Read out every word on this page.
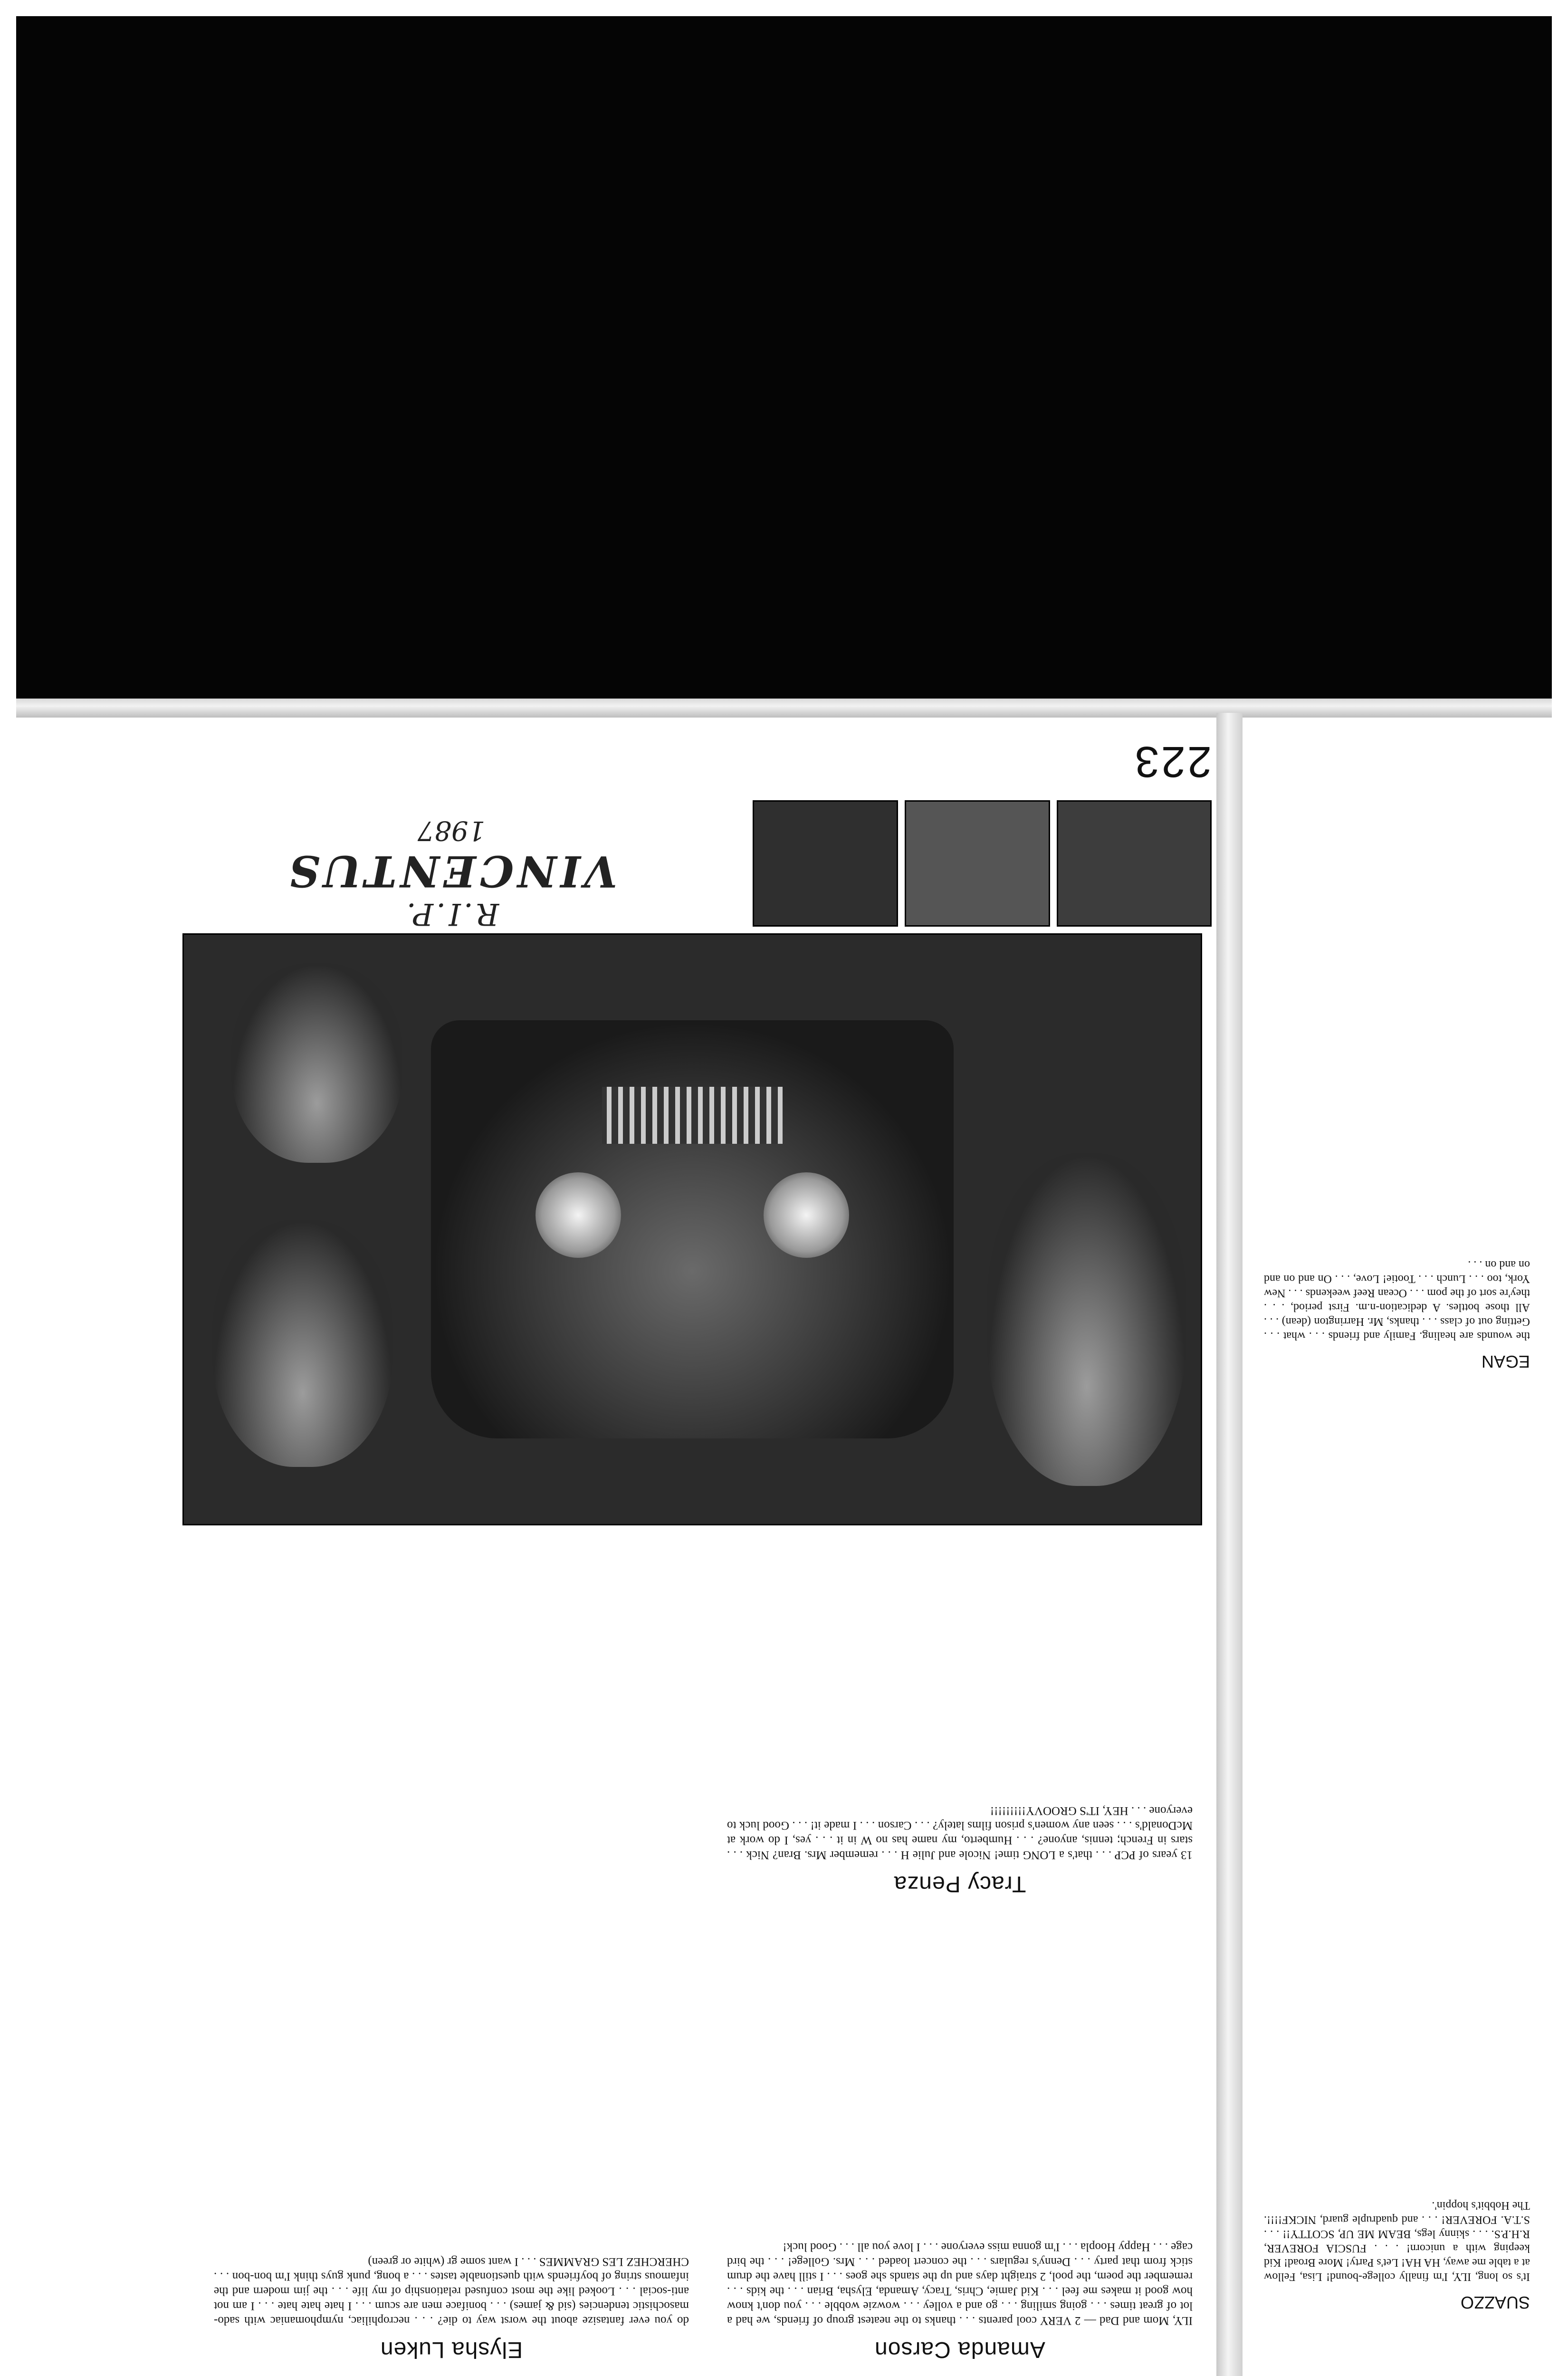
223
Amanda Carson

ILY, Mom and Dad — 2 VERY cool parents . . . thanks to the neatest group of friends, we had a lot of great times . . . going smiling . . . go and a volley . . . wowzie wobble . . . you don't know how good it makes me feel . . . Kid Jamie, Chris, Tracy, Amanda, Elysha, Brian . . . the kids . . . remember the poem, the pool, 2 straight days and up the stands she goes . . . I still have the drum stick from that party . . . Denny's regulars . . . the concert loaded . . . Mrs. Gollege! . . . the bird cage . . . Happy Hoopla . . . I'm gonna miss everyone . . . I love you all . . . Good luck!

Elysha Luken

do you ever fantasize about the worst way to die? . . . necrophiliac, nymphomaniac with sado-masochistic tendencies (sid & james) . . . boniface men are scum . . . I hate hate hate . . . I am not anti-social . . . Looked like the most confused relationship of my life . . . the jim modern and the infamous string of boyfriends with questionable tastes . . . a bong, punk guys think I'm bon-bon . . . CHERCHEZ LES GRAMMES . . . I want some gr (white or green)

Tracy Penza

13 years of PCP . . . that's a LONG time! Nicole and Julie H . . . remember Mrs. Bran? Nick . . . stars in French; tennis, anyone? . . . Humberto, my name has no W in it . . . yes, I do work at McDonald's . . . seen any women's prison films lately? . . . Carson . . . I made it! . . . Good luck to everyone . . . HEY, IT'S GROOVY!!!!!!!!!

R.I.P.
VINCENTUS
1987
SUAZZO

It's so long, ILY, I'm finally college-bound! Lisa, Fellow at a table me away, HA HA! Let's Party! More Broad! Kid keeping with a unicorn! . . . FUSCIA FOREVER, R.H.P.S. . . . skinny legs, BEAM ME UP, SCOTTY!! . . . S.T.A. FOREVER! . . . and quadruple guard, NICKF!!!!. The Hobbit's hoppin'.

EGAN

the wounds are healing. Family and friends . . . what . . . Getting out of class . . . thanks, Mr. Harrington (dean) . . . All those bottles. A dedication-n.m. First period, . . . they're sort of the pom . . . Ocean Reef weekends . . . New York, too . . . Lunch . . . Tootie! Love, . . . On and on and on and on . . .
